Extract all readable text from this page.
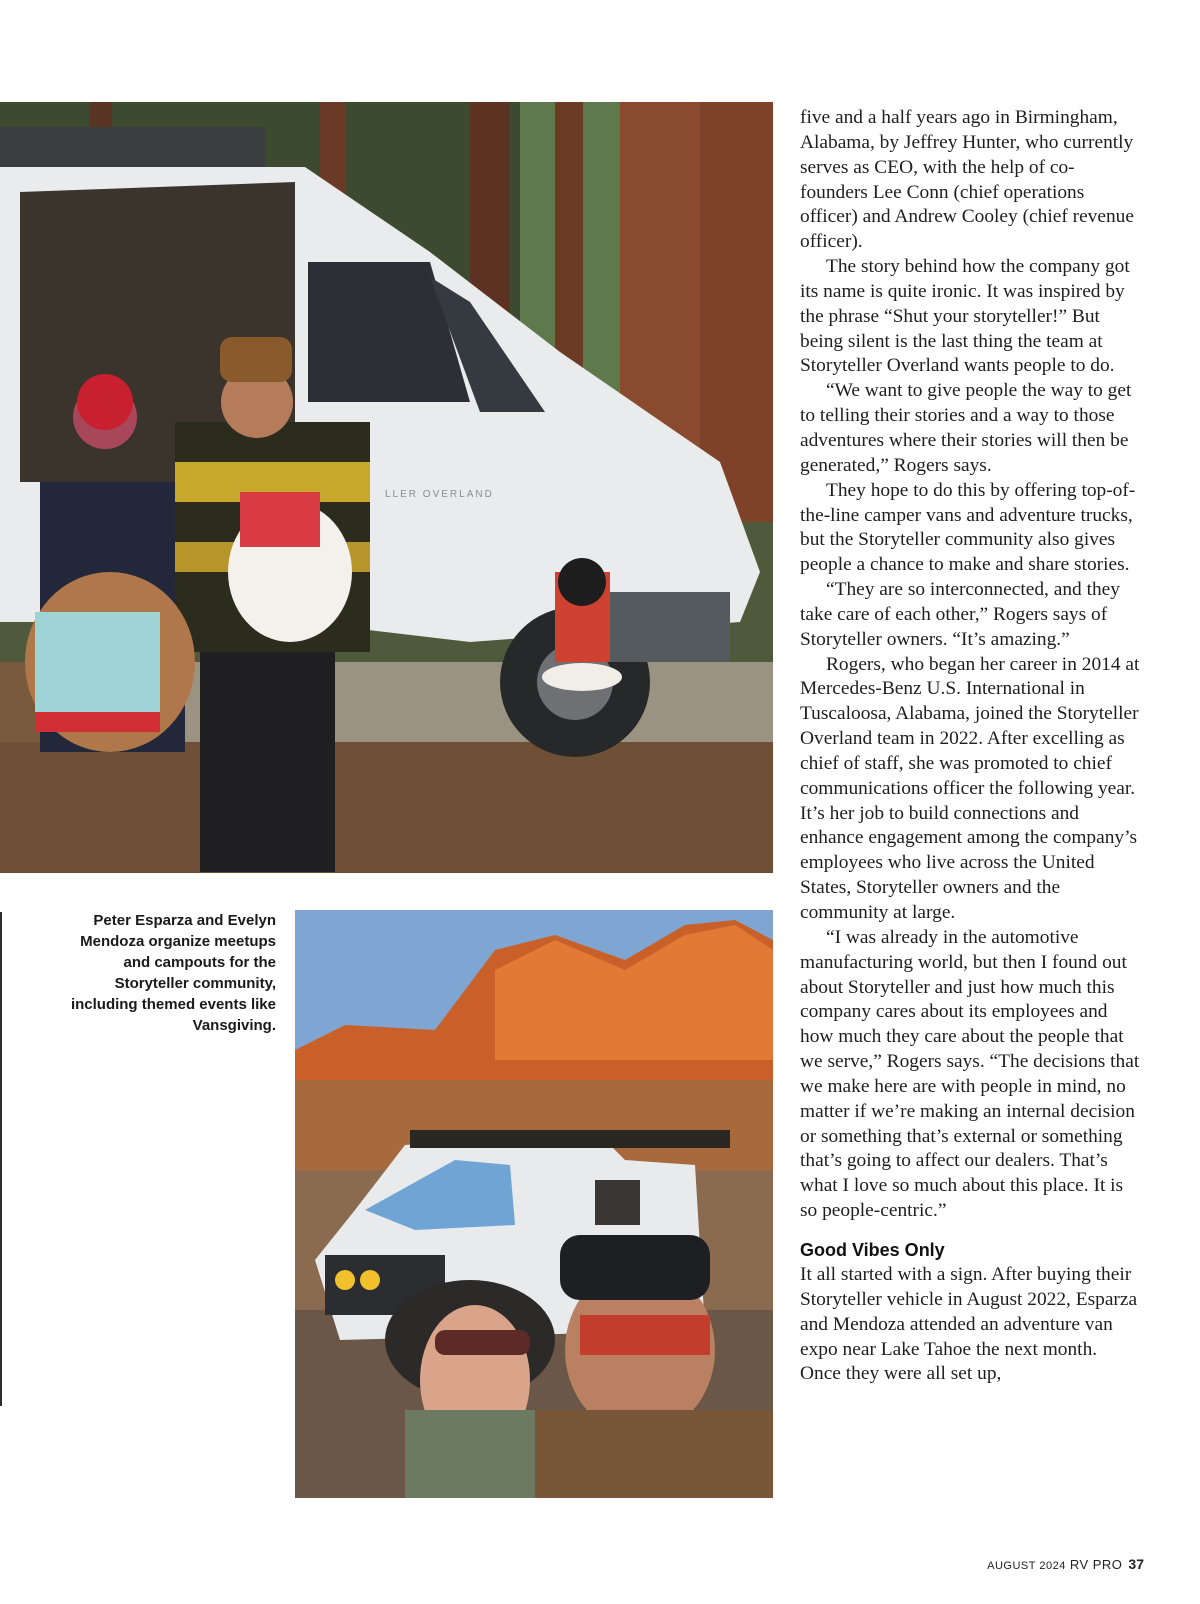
LLER OVERLAND
Peter Esparza and Evelyn Mendoza organize meetups and campouts for the Storyteller community, including themed events like Vansgiving.

five and a half years ago in Birmingham, Alabama, by Jeffrey Hunter, who currently serves as CEO, with the help of co-founders Lee Conn (chief operations officer) and Andrew Cooley (chief revenue officer).

The story behind how the company got its name is quite ironic. It was inspired by the phrase “Shut your storyteller!” But being silent is the last thing the team at Storyteller Overland wants people to do.

“We want to give people the way to get to telling their stories and a way to those adventures where their stories will then be generated,” Rogers says.

They hope to do this by offering top-of-the-line camper vans and adventure trucks, but the Storyteller community also gives people a chance to make and share stories.

“They are so interconnected, and they take care of each other,” Rogers says of Storyteller owners. “It’s amazing.”

Rogers, who began her career in 2014 at Mercedes-Benz U.S. International in Tuscaloosa, Alabama, joined the Storyteller Overland team in 2022. After excelling as chief of staff, she was promoted to chief communications officer the following year. It’s her job to build connections and enhance engagement among the company’s employees who live across the United States, Storyteller owners and the community at large.

“I was already in the automotive manufacturing world, but then I found out about Storyteller and just how much this company cares about its employees and how much they care about the people that we serve,” Rogers says. “The decisions that we make here are with people in mind, no matter if we’re making an internal decision or something that’s external or something that’s going to affect our dealers. That’s what I love so much about this place. It is so people-centric.”

Good Vibes Only

It all started with a sign. After buying their Storyteller vehicle in August 2022, Esparza and Mendoza attended an adventure van expo near Lake Tahoe the next month. Once they were all set up,

AUGUST 2024 RV PRO 37
